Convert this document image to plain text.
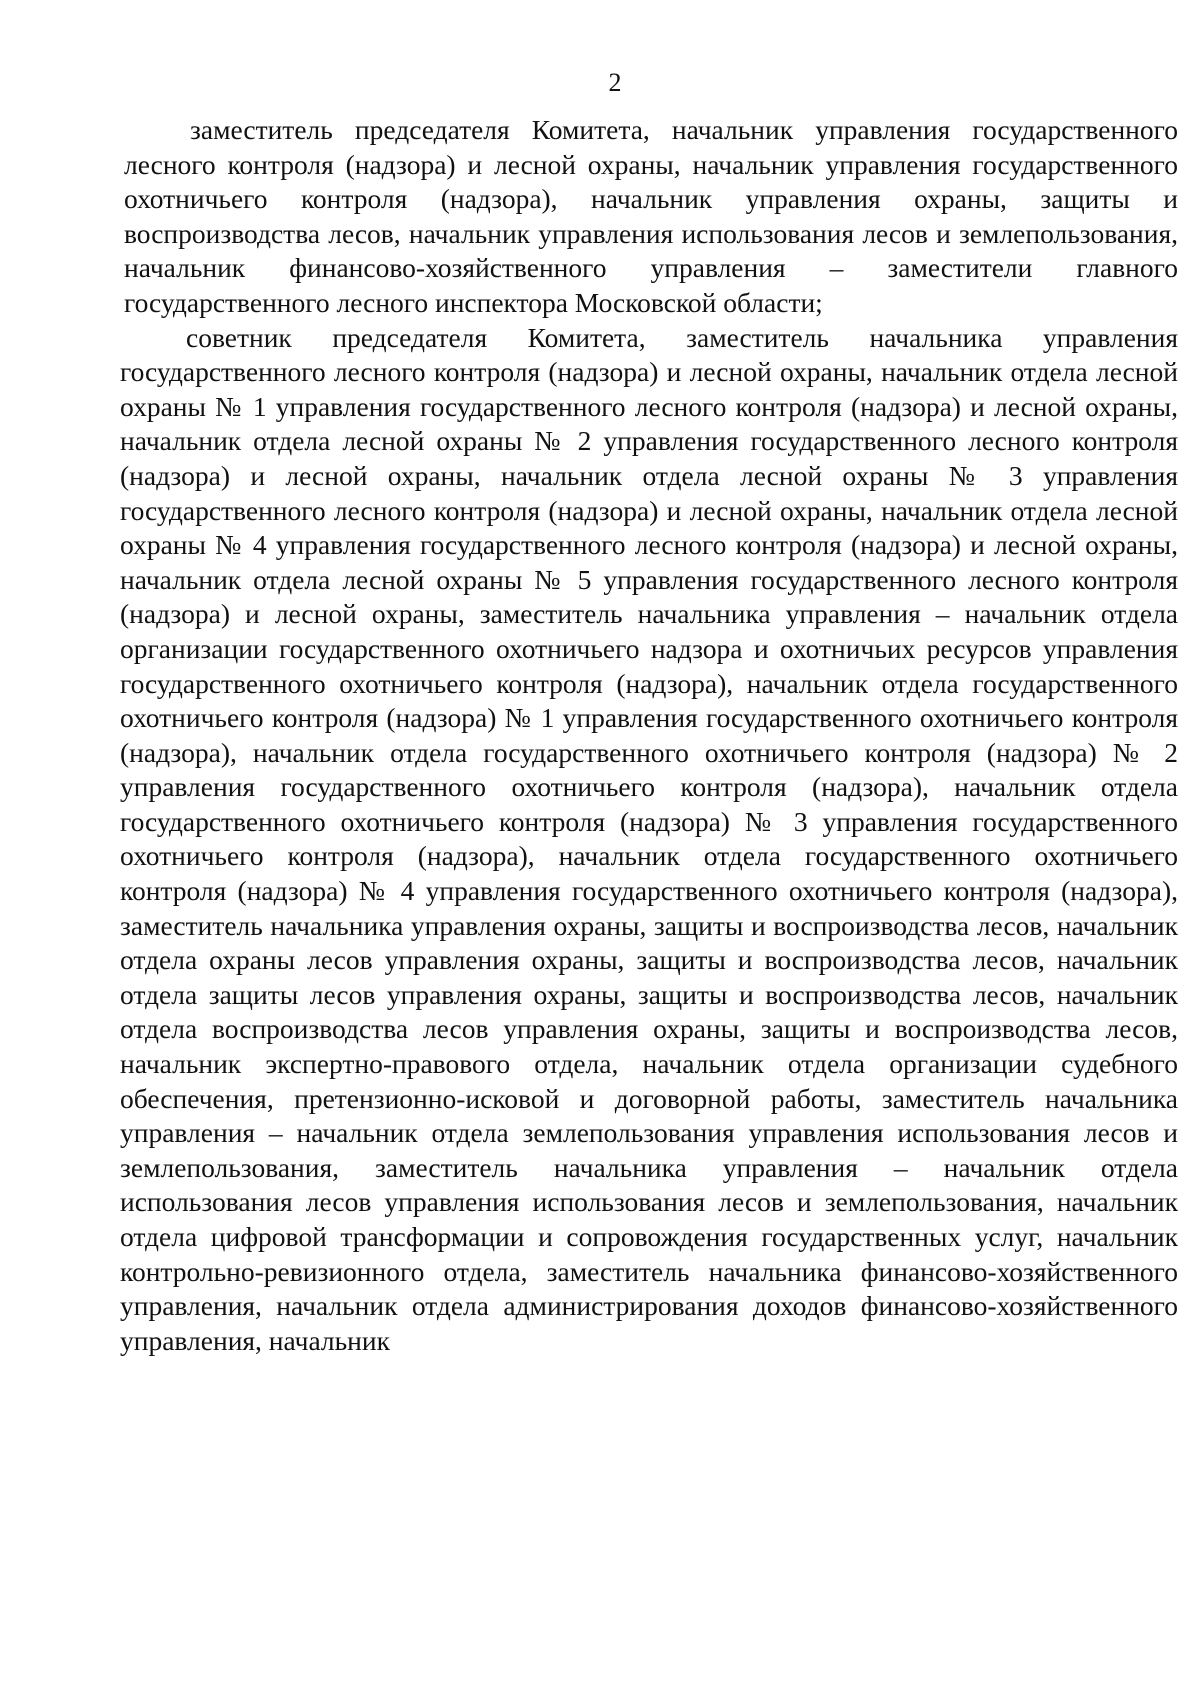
2

заместитель председателя Комитета, начальник управления государственного лесного контроля (надзора) и лесной охраны, начальник управления государственного охотничьего контроля (надзора), начальник управления охраны, защиты и воспроизводства лесов, начальник управления использования лесов и землепользования, начальник финансово-хозяйственного управления – заместители главного государственного лесного инспектора Московской области;

советник председателя Комитета, заместитель начальника управления государственного лесного контроля (надзора) и лесной охраны, начальник отдела лесной охраны № 1 управления государственного лесного контроля (надзора) и лесной охраны, начальник отдела лесной охраны № 2 управления государственного лесного контроля (надзора) и лесной охраны, начальник отдела лесной охраны № 3 управления государственного лесного контроля (надзора) и лесной охраны, начальник отдела лесной охраны № 4 управления государственного лесного контроля (надзора) и лесной охраны, начальник отдела лесной охраны № 5 управления государственного лесного контроля (надзора) и лесной охраны, заместитель начальника управления – начальник отдела организации государственного охотничьего надзора и охотничьих ресурсов управления государственного охотничьего контроля (надзора), начальник отдела государственного охотничьего контроля (надзора) № 1 управления государственного охотничьего контроля (надзора), начальник отдела государственного охотничьего контроля (надзора) № 2 управления государственного охотничьего контроля (надзора), начальник отдела государственного охотничьего контроля (надзора) № 3 управления государственного охотничьего контроля (надзора), начальник отдела государственного охотничьего контроля (надзора) № 4 управления государственного охотничьего контроля (надзора), заместитель начальника управления охраны, защиты и воспроизводства лесов, начальник отдела охраны лесов управления охраны, защиты и воспроизводства лесов, начальник отдела защиты лесов управления охраны, защиты и воспроизводства лесов, начальник отдела воспроизводства лесов управления охраны, защиты и воспроизводства лесов, начальник экспертно-правового отдела, начальник отдела организации судебного обеспечения, претензионно-исковой и договорной работы, заместитель начальника управления – начальник отдела землепользования управления использования лесов и землепользования, заместитель начальника управления – начальник отдела использования лесов управления использования лесов и землепользования, начальник отдела цифровой трансформации и сопровождения государственных услуг, начальник контрольно-ревизионного отдела, заместитель начальника финансово-хозяйственного управления, начальник отдела администрирования доходов финансово-хозяйственного управления, начальник
